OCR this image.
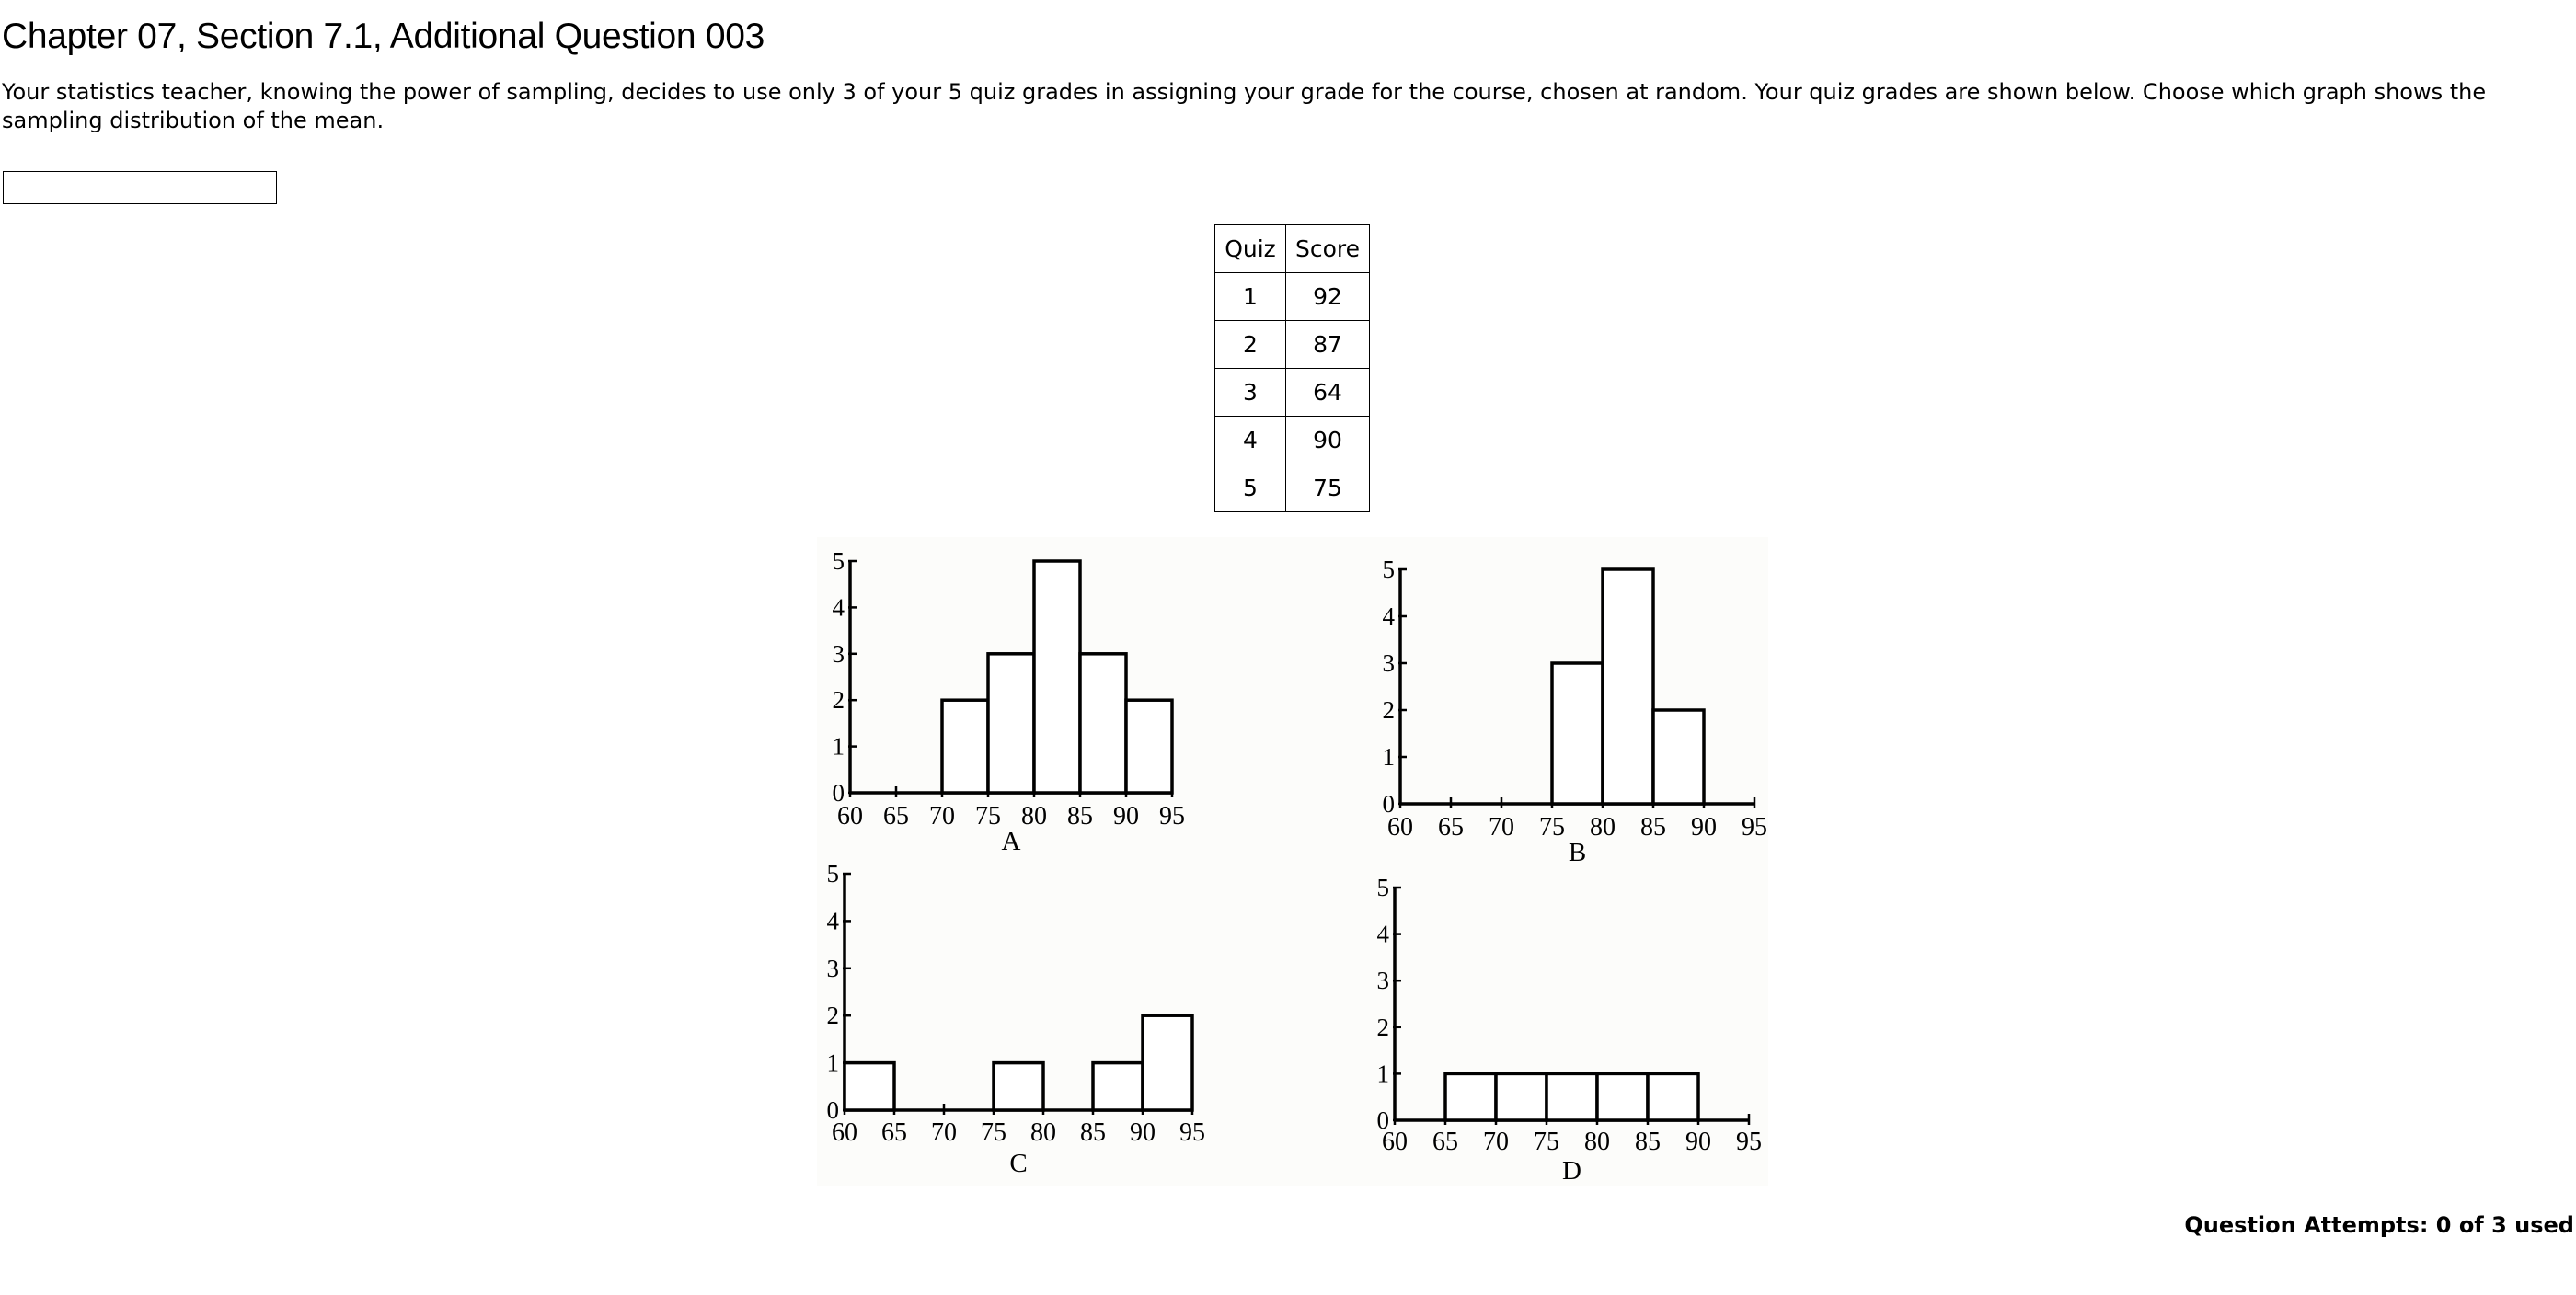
Chapter 07, Section 7.1, Additional Question 003

Your statistics teacher, knowing the power of sampling, decides to use only 3 of your 5 quiz grades in assigning your grade for the course, chosen at random. Your quiz grades are shown below. Choose which graph shows the sampling distribution of the mean.

Quiz	Score
1	92
2	87
3	64
4	90
5	75
0
1
2
3
4
5
60 65 70 75 80 85 90 95
A
0
1
2
3
4
5
60 65 70 75 80 85 90 95
B
0
1
2
3
4
5
60 65 70 75 80 85 90 95
C
0
1
2
3
4
5
60 65 70 75 80 85 90 95
D
Question Attempts: 0 of 3 used
